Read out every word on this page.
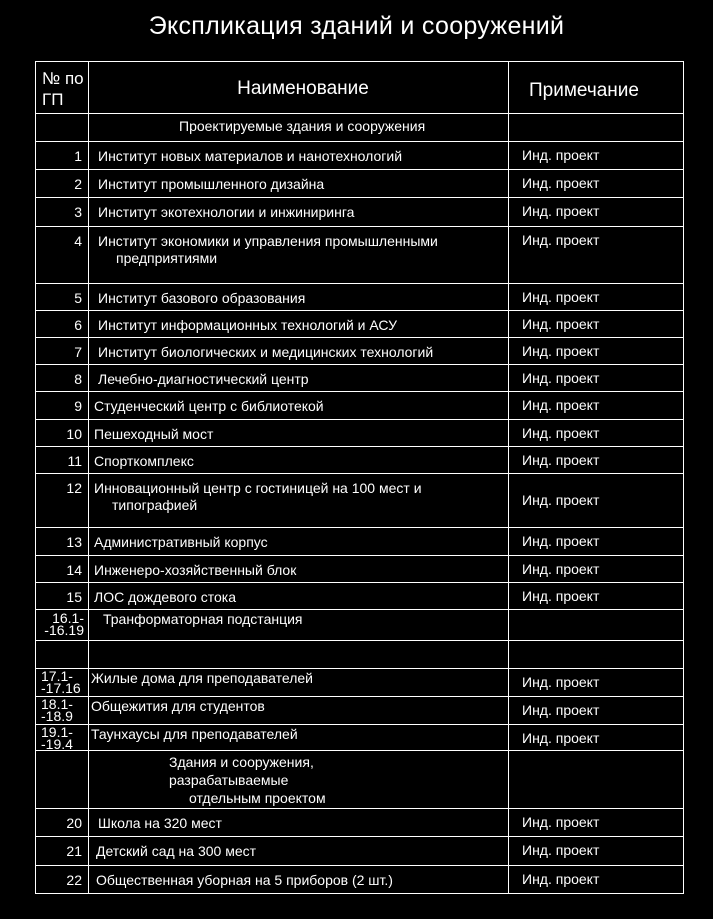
Экспликация зданий и сооружений
№ по
ГП	Наименование	Примечание
	Проектируемые здания и сооружения	
1	Институт новых материалов и нанотехнологий	Инд. проект
2	Институт промышленного дизайна	Инд. проект
3	Институт экотехнологии и инжиниринга	Инд. проект
4	Институт экономики и управления промышленными
предприятиями	Инд. проект
5	Институт базового образования	Инд. проект
6	Институт информационных технологий и АСУ	Инд. проект
7	Институт биологических и медицинских технологий	Инд. проект
8	Лечебно-диагностический центр	Инд. проект
9	Студенческий центр с библиотекой	Инд. проект
10	Пешеходный мост	Инд. проект
11	Спорткомплекс	Инд. проект
12	Инновационный центр с гостиницей на 100 мест и
типографией	Инд. проект
13	Административный корпус	Инд. проект
14	Инженеро-хозяйственный блок	Инд. проект
15	ЛОС дождевого стока	Инд. проект

16.1-
-16.19	Транформаторная подстанция	

17.1-
-17.16	Жилые дома для преподавателей	Инд. проект

18.1-
-18.9	Общежития для студентов	Инд. проект

19.1-
-19.4	Таунхаусы для преподавателей	Инд. проект

	Здания и сооружения,
разрабатываемые
отдельным проектом	

20	Школа на 320 мест	Инд. проект
21	Детский сад на 300 мест	Инд. проект
22	Общественная уборная на 5 приборов (2 шт.)	Инд. проект
